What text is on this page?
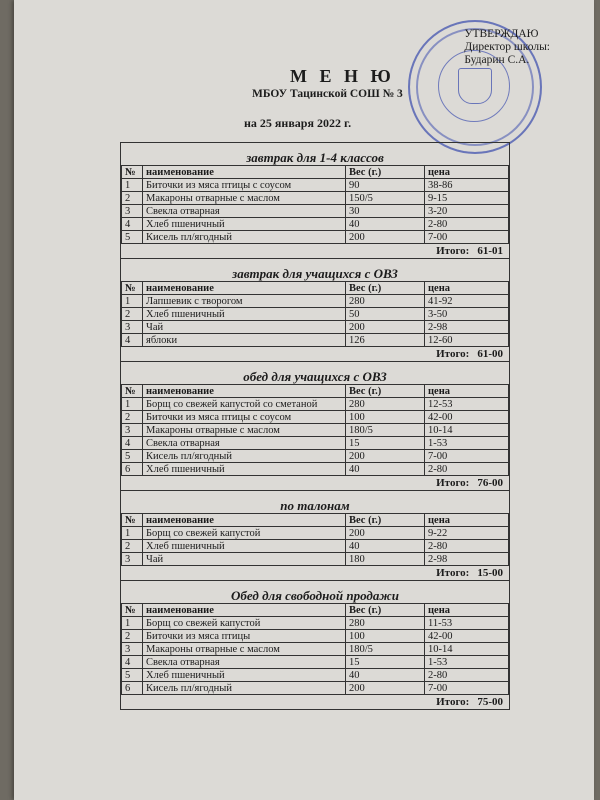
УТВЕРЖДАЮ
Директор школы:
Бударин С.А.
М Е Н Ю
МБОУ Тацинской СОШ № 3
на 25 января 2022 г.
завтрак для 1-4 классов
№	наименование	Вес (г.)	цена
1	Биточки из мяса птицы с соусом	90	38-86
2	Макароны отварные с маслом	150/5	9-15
3	Свекла отварная	30	3-20
4	Хлеб пшеничный	40	2-80
5	Кисель пл/ягодный	200	7-00
Итого: 61-01
завтрак для учащихся с ОВЗ
№	наименование	Вес (г.)	цена
1	Лапшевик с творогом	280	41-92
2	Хлеб пшеничный	50	3-50
3	Чай	200	2-98
4	яблоки	126	12-60
Итого: 61-00
обед для учащихся с ОВЗ
№	наименование	Вес (г.)	цена
1	Борщ со свежей капустой со сметаной	280	12-53
2	Биточки из мяса птицы с соусом	100	42-00
3	Макароны отварные с маслом	180/5	10-14
4	Свекла отварная	15	1-53
5	Кисель пл/ягодный	200	7-00
6	Хлеб пшеничный	40	2-80
Итого: 76-00
по талонам
№	наименование	Вес (г.)	цена
1	Борщ со свежей капустой	200	9-22
2	Хлеб пшеничный	40	2-80
3	Чай	180	2-98
Итого: 15-00
Обед для свободной продажи
№	наименование	Вес (г.)	цена
1	Борщ со свежей капустой	280	11-53
2	Биточки из мяса птицы	100	42-00
3	Макароны отварные с маслом	180/5	10-14
4	Свекла отварная	15	1-53
5	Хлеб пшеничный	40	2-80
6	Кисель пл/ягодный	200	7-00
Итого: 75-00
